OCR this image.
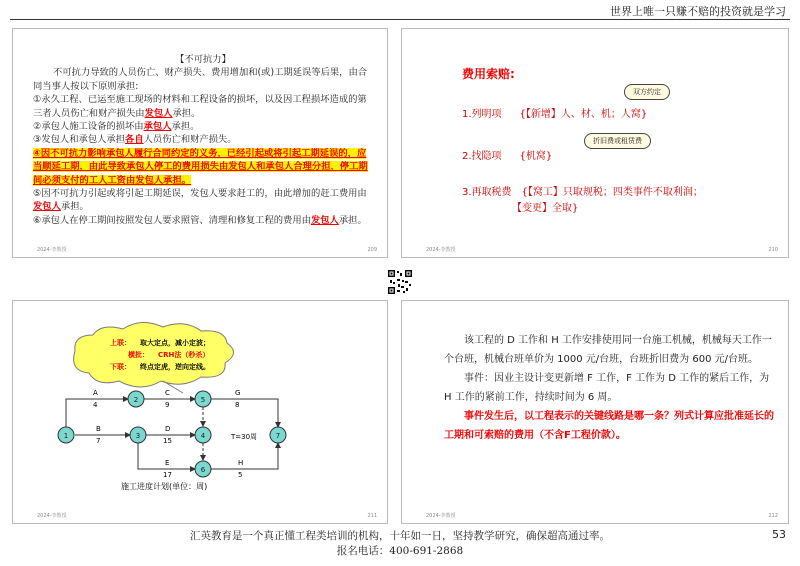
世界上唯一只赚不赔的投资就是学习

【不可抗力】

不可抗力导致的人员伤亡、财产损失、费用增加和(或)工期延误等后果，由合同当事人按以下原则承担:

①永久工程、已运至施工现场的材料和工程设备的损坏，以及因工程损坏造成的第三者人员伤亡和财产损失由发包人承担。

②承包人施工设备的损坏由承包人承担。

③发包人和承包人承担各自人员伤亡和财产损失。

④因不可抗力影响承包人履行合同约定的义务，已经引起或将引起工期延误的，应当顺延工期，由此导致承包人停工的费用损失由发包人和承包人合理分担，停工期间必须支付的工人工资由发包人承担。

⑤因不可抗力引起或将引起工期延误，发包人要求赶工的，由此增加的赶工费用由发包人承担。

⑥承包人在停工期间按照发包人要求照管、清理和修复工程的费用由发包人承担。

2024-李教授	209
费用索赔:
双方约定
折旧费或租赁费
1.列明项 {【新增】人、材、机；人窝}
2.找隐项 {机窝}
3.再取税费 {【窝工】只取规税；四类事件不取利润；
【变更】全取}
2024-李教授	210
上联： 取大定点，减小定波；
横批： CRH法（秒杀）
下联： 终点定虎，逆向定线。
A
4
C
9
G
8
B
7
D
15
E
17
H
5
T=30周
1
2
3	4
5
6
7
施工进度计划(单位：周)
2024-李教授	211

该工程的 D 工作和 H 工作安排使用同一台施工机械，机械每天工作一个台班，机械台班单价为 1000 元/台班，台班折旧费为 600 元/台班。

事件：因业主设计变更新增 F 工作，F 工作为 D 工作的紧后工作，为 H 工作的紧前工作，持续时间为 6 周。

事件发生后，以工程表示的关键线路是哪一条？列式计算应批准延长的工期和可索赔的费用（不含F工程价款）。

2024-李教授	212
汇英教育是一个真正懂工程类培训的机构，十年如一日，坚持教学研究，确保超高通过率。
报名电话：400-691-2868
53
